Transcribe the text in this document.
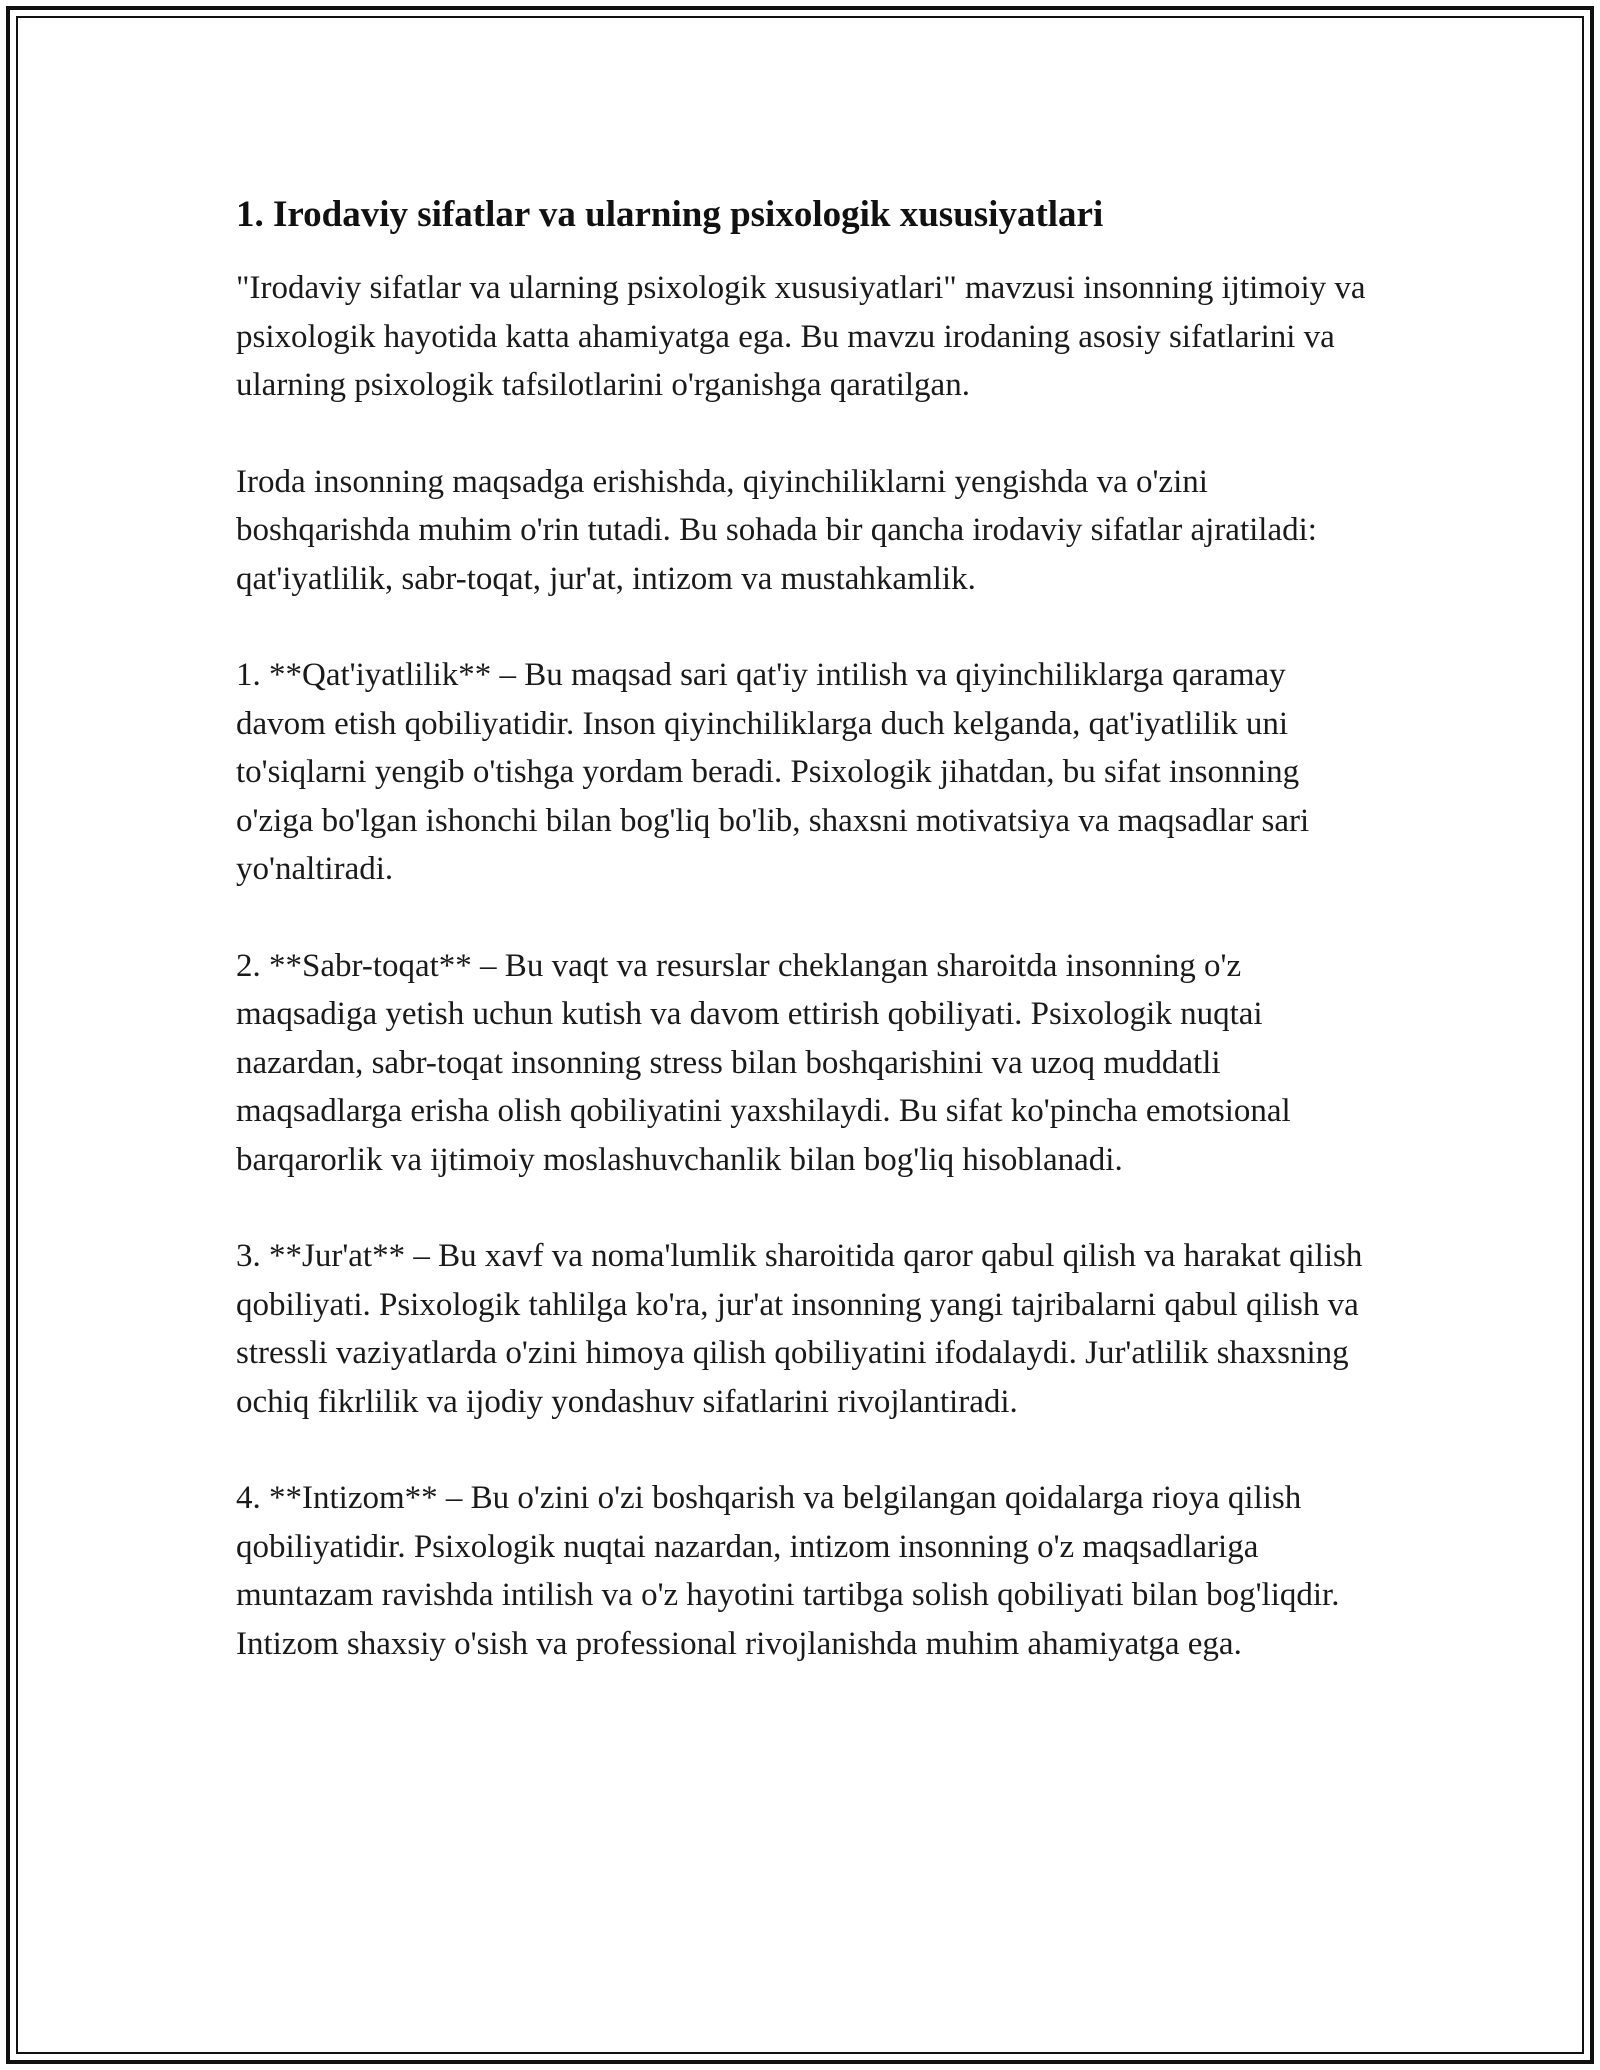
1. Irodaviy sifatlar va ularning psixologik xususiyatlari

"Irodaviy sifatlar va ularning psixologik xususiyatlari" mavzusi insonning ijtimoiy va psixologik hayotida katta ahamiyatga ega. Bu mavzu irodaning asosiy sifatlarini va ularning psixologik tafsilotlarini o'rganishga qaratilgan.

Iroda insonning maqsadga erishishda, qiyinchiliklarni yengishda va o'zini boshqarishda muhim o'rin tutadi. Bu sohada bir qancha irodaviy sifatlar ajratiladi: qat'iyatlilik, sabr-toqat, jur'at, intizom va mustahkamlik.

1. **Qat'iyatlilik** – Bu maqsad sari qat'iy intilish va qiyinchiliklarga qaramay davom etish qobiliyatidir. Inson qiyinchiliklarga duch kelganda, qat'iyatlilik uni to'siqlarni yengib o'tishga yordam beradi. Psixologik jihatdan, bu sifat insonning o'ziga bo'lgan ishonchi bilan bog'liq bo'lib, shaxsni motivatsiya va maqsadlar sari yo'naltiradi.

2. **Sabr-toqat** – Bu vaqt va resurslar cheklangan sharoitda insonning o'z maqsadiga yetish uchun kutish va davom ettirish qobiliyati. Psixologik nuqtai nazardan, sabr-toqat insonning stress bilan boshqarishini va uzoq muddatli maqsadlarga erisha olish qobiliyatini yaxshilaydi. Bu sifat ko'pincha emotsional barqarorlik va ijtimoiy moslashuvchanlik bilan bog'liq hisoblanadi.

3. **Jur'at** – Bu xavf va noma'lumlik sharoitida qaror qabul qilish va harakat qilish qobiliyati. Psixologik tahlilga ko'ra, jur'at insonning yangi tajribalarni qabul qilish va stressli vaziyatlarda o'zini himoya qilish qobiliyatini ifodalaydi. Jur'atlilik shaxsning ochiq fikrlilik va ijodiy yondashuv sifatlarini rivojlantiradi.

4. **Intizom** – Bu o'zini o'zi boshqarish va belgilangan qoidalarga rioya qilish qobiliyatidir. Psixologik nuqtai nazardan, intizom insonning o'z maqsadlariga muntazam ravishda intilish va o'z hayotini tartibga solish qobiliyati bilan bog'liqdir. Intizom shaxsiy o'sish va professional rivojlanishda muhim ahamiyatga ega.
